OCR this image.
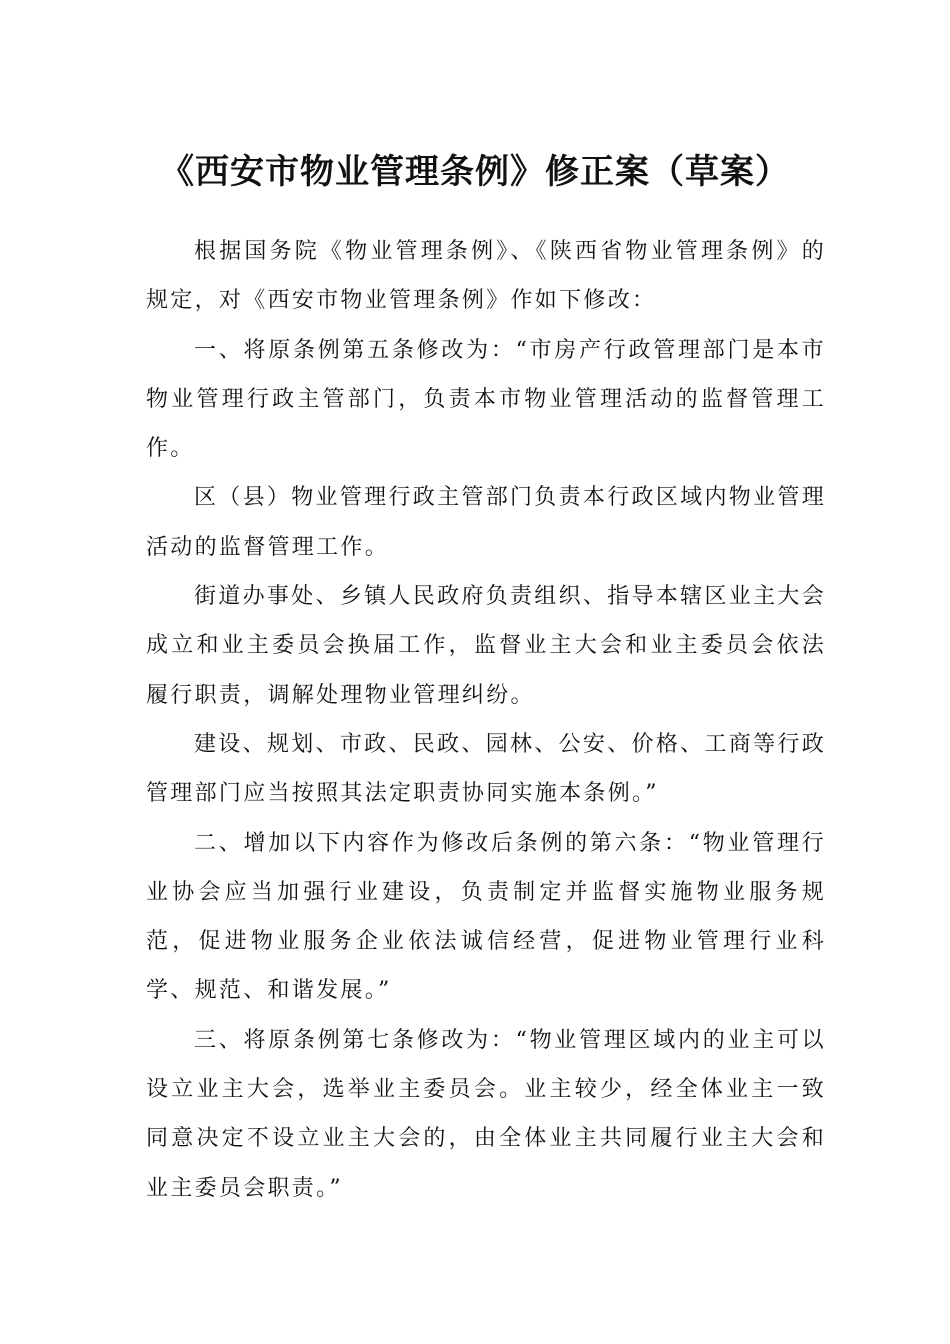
《西安市物业管理条例》修正案（草案）

根据国务院《物业管理条例》、《陕西省物业管理条例》的规定，对《西安市物业管理条例》作如下修改：

一、将原条例第五条修改为：“市房产行政管理部门是本市物业管理行政主管部门，负责本市物业管理活动的监督管理工作。

区（县）物业管理行政主管部门负责本行政区域内物业管理活动的监督管理工作。

街道办事处、乡镇人民政府负责组织、指导本辖区业主大会成立和业主委员会换届工作，监督业主大会和业主委员会依法履行职责，调解处理物业管理纠纷。

建设、规划、市政、民政、园林、公安、价格、工商等行政管理部门应当按照其法定职责协同实施本条例。”

二、增加以下内容作为修改后条例的第六条：“物业管理行业协会应当加强行业建设，负责制定并监督实施物业服务规范，促进物业服务企业依法诚信经营，促进物业管理行业科学、规范、和谐发展。”

三、将原条例第七条修改为：“物业管理区域内的业主可以设立业主大会，选举业主委员会。业主较少，经全体业主一致同意决定不设立业主大会的，由全体业主共同履行业主大会和业主委员会职责。”
